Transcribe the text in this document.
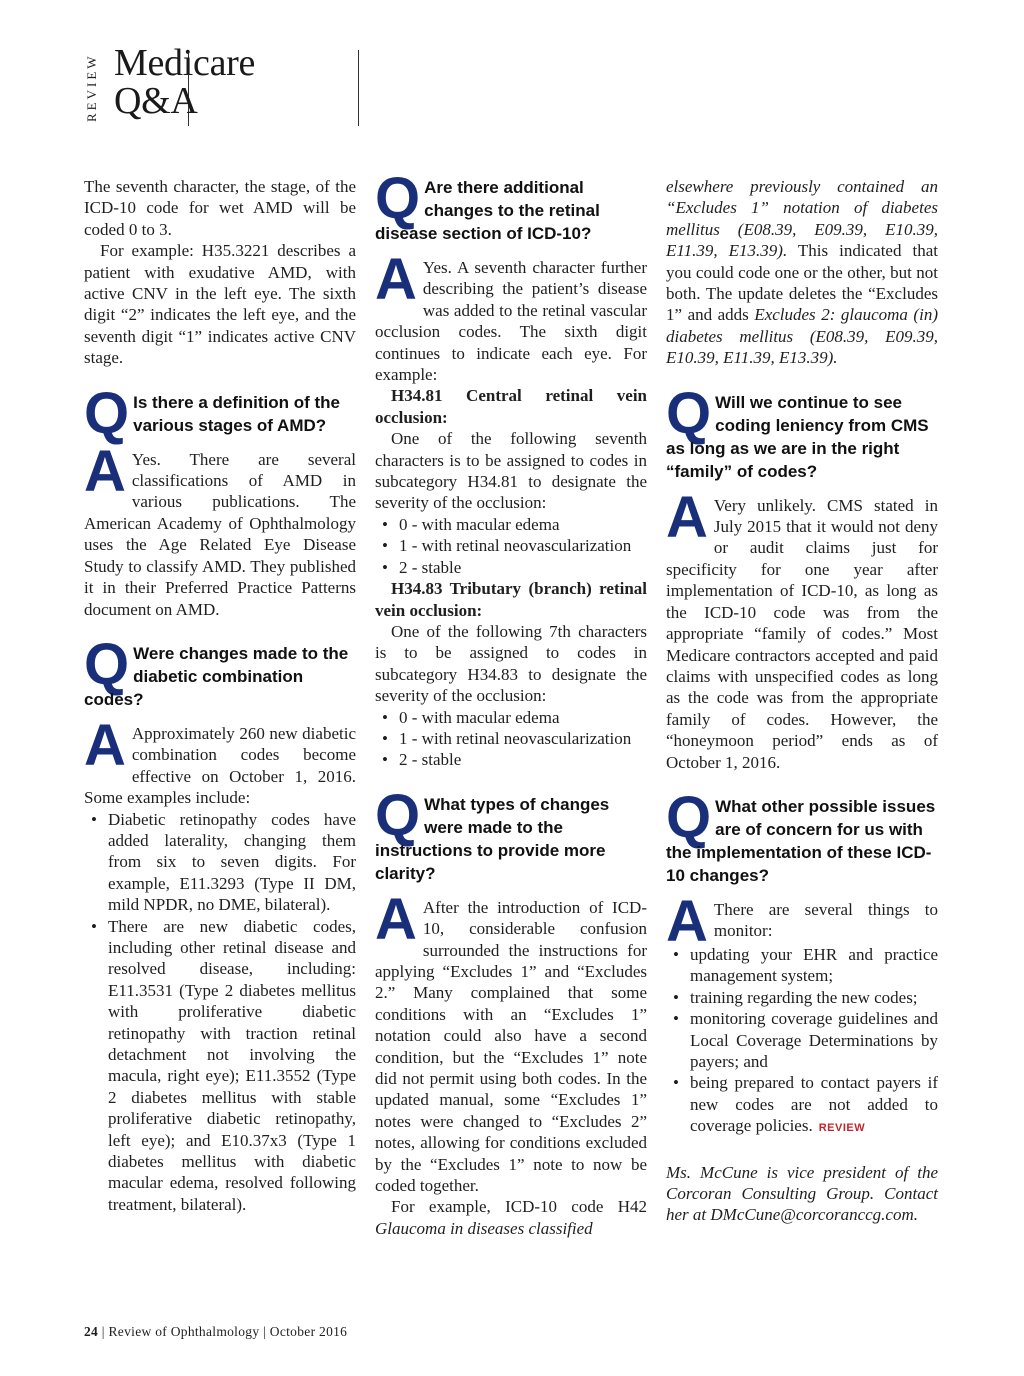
REVIEW Medicare
Q&A

The seventh character, the stage, of the ICD-10 code for wet AMD will be coded 0 to 3.

For example: H35.3221 describes a patient with exudative AMD, with active CNV in the left eye. The sixth digit “2” indicates the left eye, and the seventh digit “1” indicates active CNV stage.

Q Is there a definition of the various stages of AMD?

A Yes. There are several classifications of AMD in various publications. The American Academy of Ophthalmology uses the Age Related Eye Disease Study to classify AMD. They published it in their Preferred Practice Patterns document on AMD.

Q Were changes made to the diabetic combination codes?

A Approximately 260 new diabetic combination codes become effective on October 1, 2016. Some examples include:

• Diabetic retinopathy codes have added laterality, changing them from six to seven digits. For example, E11.3293 (Type II DM, mild NPDR, no DME, bilateral).
• There are new diabetic codes, including other retinal disease and resolved disease, including: E11.3531 (Type 2 diabetes mellitus with proliferative diabetic retinopathy with traction retinal detachment not involving the macula, right eye); E11.3552 (Type 2 diabetes mellitus with stable proliferative diabetic retinopathy, left eye); and E10.37x3 (Type 1 diabetes mellitus with diabetic macular edema, resolved following treatment, bilateral).
Q Are there additional changes to the retinal disease section of ICD-10?

A Yes. A seventh character further describing the patient’s disease was added to the retinal vascular occlusion codes. The sixth digit continues to indicate each eye. For example:

H34.81 Central retinal vein occlusion:

One of the following seventh characters is to be assigned to codes in subcategory H34.81 to designate the severity of the occlusion:

• 0 - with macular edema
• 1 - with retinal neovascularization
• 2 - stable

H34.83 Tributary (branch) retinal vein occlusion:

One of the following 7th characters is to be assigned to codes in subcategory H34.83 to designate the severity of the occlusion:

• 0 - with macular edema
• 1 - with retinal neovascularization
• 2 - stable
Q What types of changes were made to the instructions to provide more clarity?

A After the introduction of ICD-10, considerable confusion surrounded the instructions for applying “Excludes 1” and “Excludes 2.” Many complained that some conditions with an “Excludes 1” notation could also have a second condition, but the “Excludes 1” note did not permit using both codes. In the updated manual, some “Excludes 1” notes were changed to “Excludes 2” notes, allowing for conditions excluded by the “Excludes 1” note to now be coded together.

For example, ICD-10 code H42 Glaucoma in diseases classified

elsewhere previously contained an “Excludes 1” notation of diabetes mellitus (E08.39, E09.39, E10.39, E11.39, E13.39). This indicated that you could code one or the other, but not both. The update deletes the “Excludes 1” and adds Excludes 2: glaucoma (in) diabetes mellitus (E08.39, E09.39, E10.39, E11.39, E13.39).

Q Will we continue to see coding leniency from CMS as long as we are in the right “family” of codes?

A Very unlikely. CMS stated in July 2015 that it would not deny or audit claims just for specificity for one year after implementation of ICD-10, as long as the ICD-10 code was from the appropriate “family of codes.” Most Medicare contractors accepted and paid claims with unspecified codes as long as the code was from the appropriate family of codes. However, the “honeymoon period” ends as of October 1, 2016.

Q What other possible issues are of concern for us with the implementation of these ICD-10 changes?

A There are several things to monitor:

• updating your EHR and practice management system;
• training regarding the new codes;
• monitoring coverage guidelines and Local Coverage Determinations by payers; and
• being prepared to contact payers if new codes are not added to coverage policies. REVIEW

Ms. McCune is vice president of the Corcoran Consulting Group. Contact her at DMcCune@corcoranccg.com.

24 | Review of Ophthalmology | October 2016
